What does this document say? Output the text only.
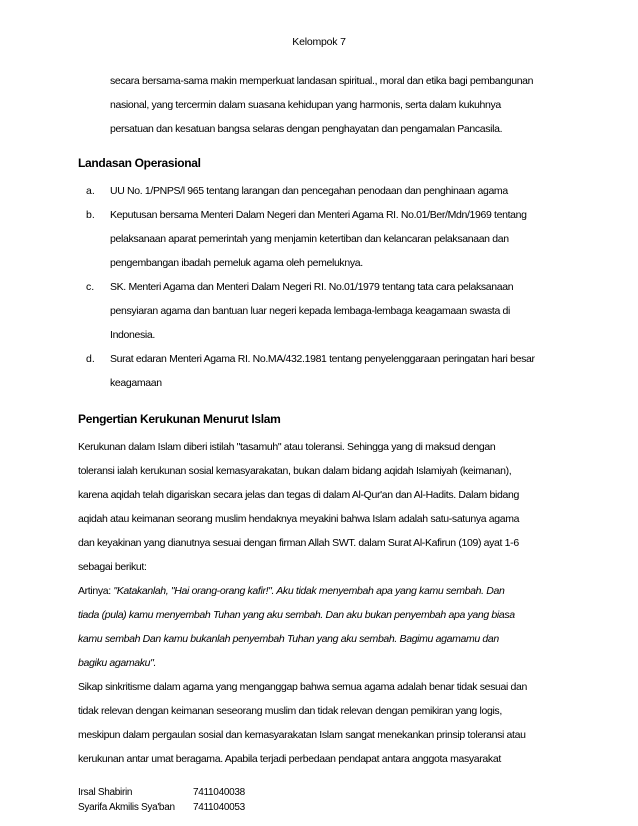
Kelompok 7
secara bersama-sama makin memperkuat landasan spiritual., moral dan etika bagi pembangunan
nasional, yang tercermin dalam suasana kehidupan yang harmonis, serta dalam kukuhnya
persatuan dan kesatuan bangsa selaras dengan penghayatan dan pengamalan Pancasila.
Landasan Operasional
a. UU No. 1/PNPS/l 965 tentang larangan dan pencegahan penodaan dan penghinaan agama
b. Keputusan bersama Menteri Dalam Negeri dan Menteri Agama RI. No.01/Ber/Mdn/1969 tentang
pelaksanaan aparat pemerintah yang menjamin ketertiban dan kelancaran pelaksanaan dan
pengembangan ibadah pemeluk agama oleh pemeluknya.
c. SK. Menteri Agama dan Menteri Dalam Negeri RI. No.01/1979 tentang tata cara pelaksanaan
pensyiaran agama dan bantuan luar negeri kepada lembaga-lembaga keagamaan swasta di
Indonesia.
d. Surat edaran Menteri Agama RI. No.MA/432.1981 tentang penyelenggaraan peringatan hari besar
keagamaan
Pengertian Kerukunan Menurut Islam
Kerukunan dalam Islam diberi istilah "tasamuh" atau toleransi. Sehingga yang di maksud dengan
toleransi ialah kerukunan sosial kemasyarakatan, bukan dalam bidang aqidah Islamiyah (keimanan),
karena aqidah telah digariskan secara jelas dan tegas di dalam Al-Qur'an dan Al-Hadits. Dalam bidang
aqidah atau keimanan seorang muslim hendaknya meyakini bahwa Islam adalah satu-satunya agama
dan keyakinan yang dianutnya sesuai dengan firman Allah SWT. dalam Surat Al-Kafirun (109) ayat 1-6
sebagai berikut:
Artinya: "Katakanlah, "Hai orang-orang kafir!". Aku tidak menyembah apa yang kamu sembah. Dan
tiada (pula) kamu menyembah Tuhan yang aku sembah. Dan aku bukan penyembah apa yang biasa
kamu sembah Dan kamu bukanlah penyembah Tuhan yang aku sembah. Bagimu agamamu dan
bagiku agamaku".
Sikap sinkritisme dalam agama yang menganggap bahwa semua agama adalah benar tidak sesuai dan
tidak relevan dengan keimanan seseorang muslim dan tidak relevan dengan pemikiran yang logis,
meskipun dalam pergaulan sosial dan kemasyarakatan Islam sangat menekankan prinsip toleransi atau
kerukunan antar umat beragama. Apabila terjadi perbedaan pendapat antara anggota masyarakat
Irsal Shabirin	7411040038
Syarifa Akmilis Sya'ban 7411040053
